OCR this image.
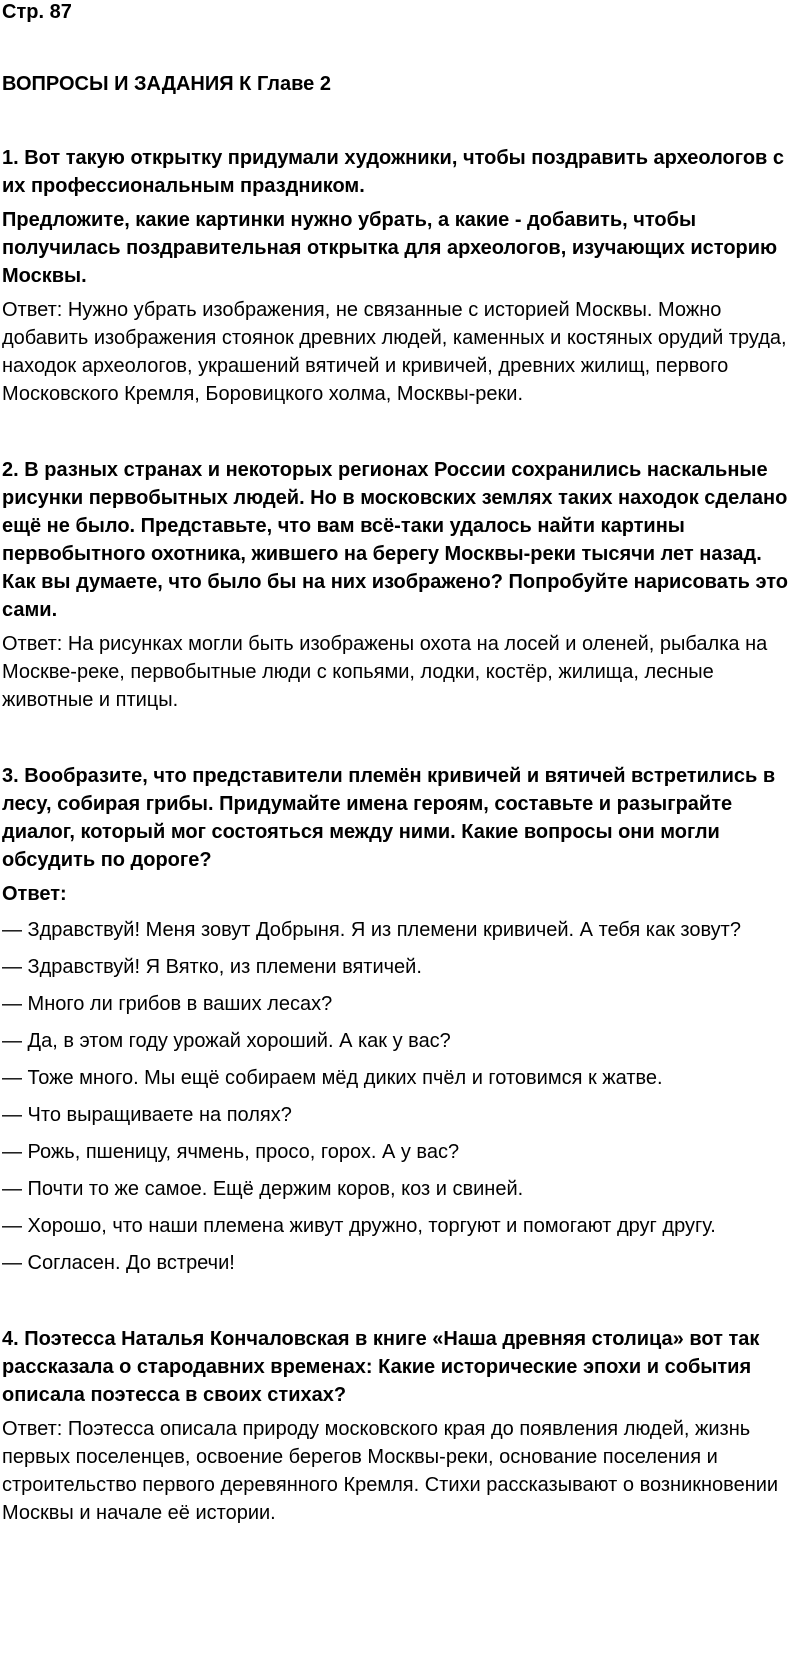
Стр. 87
ВОПРОСЫ И ЗАДАНИЯ К Главе 2

1. Вот такую открытку придумали художники, чтобы поздравить археологов с их профессиональным праздником.

Предложите, какие картинки нужно убрать, а какие - добавить, чтобы получилась поздравительная открытка для археологов, изучающих историю Москвы.

Ответ: Нужно убрать изображения, не связанные с историей Москвы. Можно добавить изображения стоянок древних людей, каменных и костяных орудий труда, находок археологов, украшений вятичей и кривичей, древних жилищ, первого Московского Кремля, Боровицкого холма, Москвы-реки.

2. В разных странах и некоторых регионах России сохранились наскальные рисунки первобытных людей. Но в московских землях таких находок сделано ещё не было. Представьте, что вам всё-таки удалось найти картины первобытного охотника, жившего на берегу Москвы-реки тысячи лет назад. Как вы думаете, что было бы на них изображено? Попробуйте нарисовать это сами.

Ответ: На рисунках могли быть изображены охота на лосей и оленей, рыбалка на Москве-реке, первобытные люди с копьями, лодки, костёр, жилища, лесные животные и птицы.

3. Вообразите, что представители племён кривичей и вятичей встретились в лесу, собирая грибы. Придумайте имена героям, составьте и разыграйте диалог, который мог состояться между ними. Какие вопросы они могли обсудить по дороге?

Ответ:

— Здравствуй! Меня зовут Добрыня. Я из племени кривичей. А тебя как зовут?

— Здравствуй! Я Вятко, из племени вятичей.

— Много ли грибов в ваших лесах?

— Да, в этом году урожай хороший. А как у вас?

— Тоже много. Мы ещё собираем мёд диких пчёл и готовимся к жатве.

— Что выращиваете на полях?

— Рожь, пшеницу, ячмень, просо, горох. А у вас?

— Почти то же самое. Ещё держим коров, коз и свиней.

— Хорошо, что наши племена живут дружно, торгуют и помогают друг другу.

— Согласен. До встречи!

4. Поэтесса Наталья Кончаловская в книге «Наша древняя столица» вот так рассказала о стародавних временах: Какие исторические эпохи и события описала поэтесса в своих стихах?

Ответ: Поэтесса описала природу московского края до появления людей, жизнь первых поселенцев, освоение берегов Москвы-реки, основание поселения и строительство первого деревянного Кремля. Стихи рассказывают о возникновении Москвы и начале её истории.
